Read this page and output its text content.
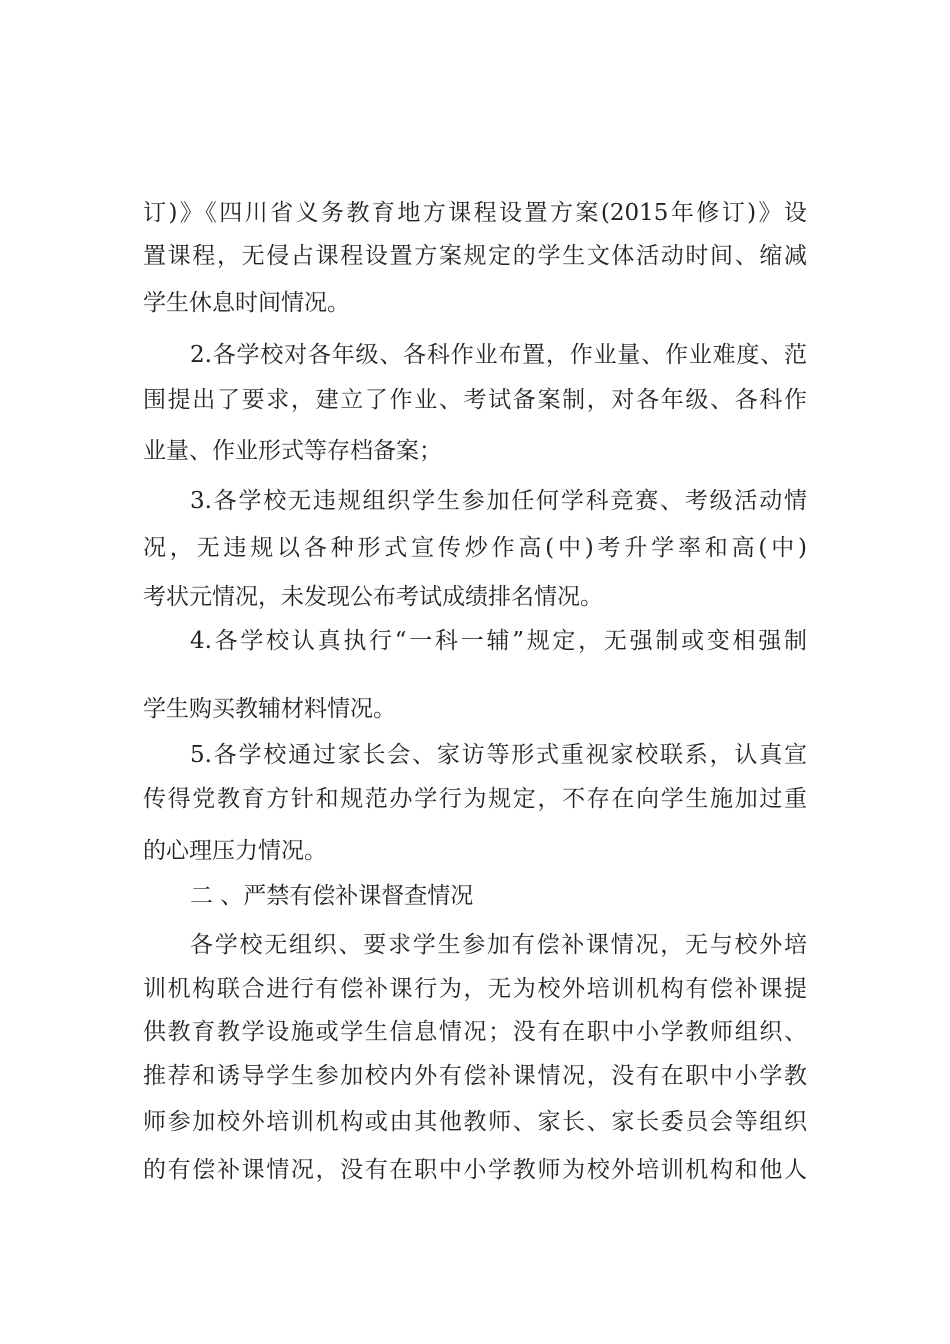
订)》《四川省义务教育地方课程设置方案(2015年修订)》设
置课程，无侵占课程设置方案规定的学生文体活动时间、缩减
学生休息时间情况。
2.各学校对各年级、各科作业布置，作业量、作业难度、范
围提出了要求，建立了作业、考试备案制，对各年级、各科作
业量、作业形式等存档备案；
3.各学校无违规组织学生参加任何学科竞赛、考级活动情
况，无违规以各种形式宣传炒作高(中)考升学率和高(中)
考状元情况，未发现公布考试成绩排名情况。
4.各学校认真执行“一科一辅”规定，无强制或变相强制
学生购买教辅材料情况。
5.各学校通过家长会、家访等形式重视家校联系，认真宣
传得党教育方针和规范办学行为规定，不存在向学生施加过重
的心理压力情况。
二 、严禁有偿补课督查情况
各学校无组织、要求学生参加有偿补课情况，无与校外培
训机构联合进行有偿补课行为，无为校外培训机构有偿补课提
供教育教学设施或学生信息情况；没有在职中小学教师组织、
推荐和诱导学生参加校内外有偿补课情况，没有在职中小学教
师参加校外培训机构或由其他教师、家长、家长委员会等组织
的有偿补课情况，没有在职中小学教师为校外培训机构和他人
